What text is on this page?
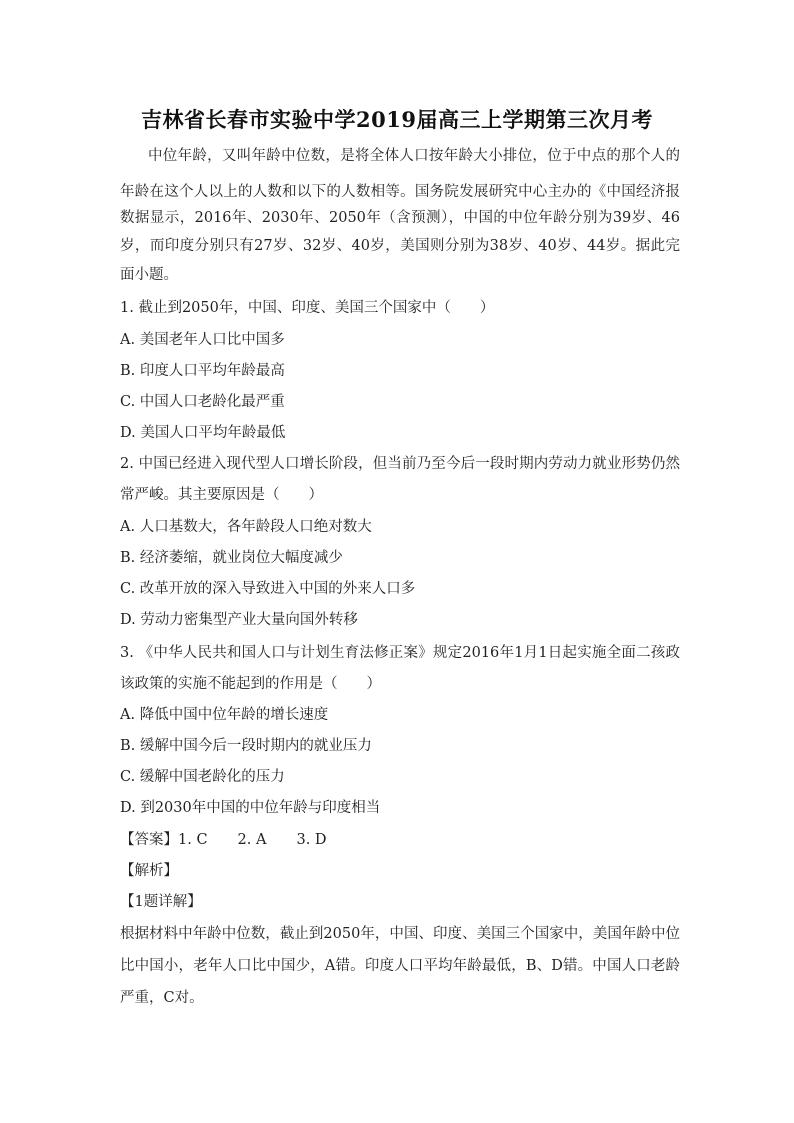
吉林省长春市实验中学2019届高三上学期第三次月考
中位年龄，又叫年龄中位数，是将全体人口按年龄大小排位，位于中点的那个人的
年龄在这个人以上的人数和以下的人数相等。国务院发展研究中心主办的《中国经济报
数据显示，2016年、2030年、2050年（含预测），中国的中位年龄分别为39岁、46
岁，而印度分别只有27岁、32岁、40岁，美国则分别为38岁、40岁、44岁。据此完
面小题。
1. 截止到2050年，中国、印度、美国三个国家中（　　）
A. 美国老年人口比中国多
B. 印度人口平均年龄最高
C. 中国人口老龄化最严重
D. 美国人口平均年龄最低
2. 中国已经进入现代型人口增长阶段，但当前乃至今后一段时期内劳动力就业形势仍然
常严峻。其主要原因是（　　）
A. 人口基数大，各年龄段人口绝对数大
B. 经济萎缩，就业岗位大幅度减少
C. 改革开放的深入导致进入中国的外来人口多
D. 劳动力密集型产业大量向国外转移
3. 《中华人民共和国人口与计划生育法修正案》规定2016年1月1日起实施全面二孩政
该政策的实施不能起到的作用是（　　）
A. 降低中国中位年龄的增长速度
B. 缓解中国今后一段时期内的就业压力
C. 缓解中国老龄化的压力
D. 到2030年中国的中位年龄与印度相当
【答案】1. C 2. A 3. D
【解析】
【1题详解】
根据材料中年龄中位数，截止到2050年，中国、印度、美国三个国家中，美国年龄中位
比中国小，老年人口比中国少，A错。印度人口平均年龄最低，B、D错。中国人口老龄
严重，C对。
